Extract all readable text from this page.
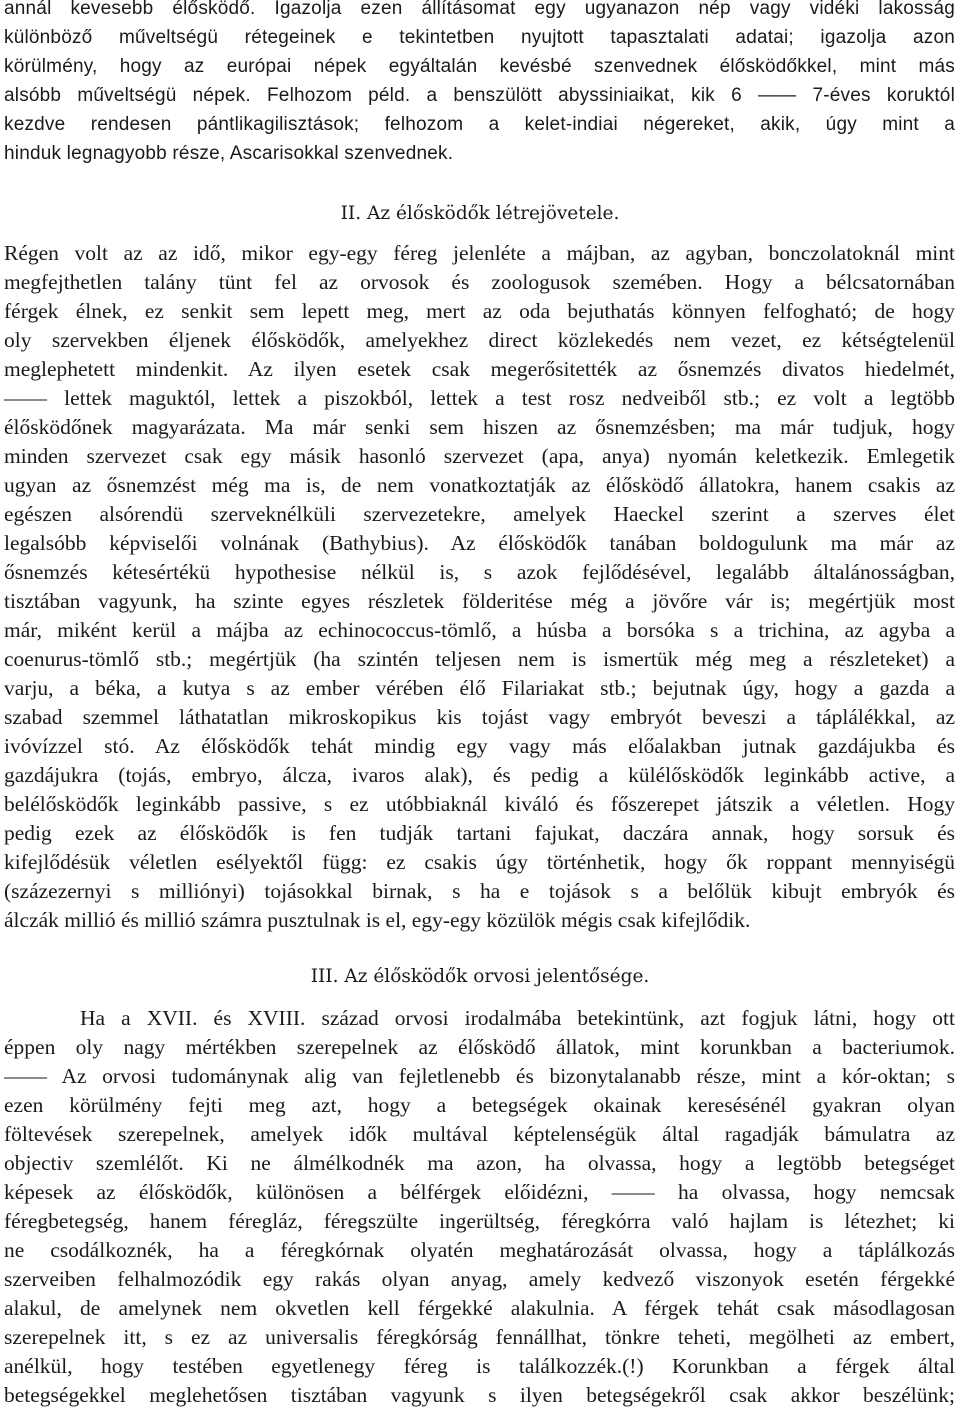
annál kevesebb élősködő. Igazolja ezen állításomat egy ugyanazon nép vagy vidéki lakosság

különböző műveltségü rétegeinek e tekintetben nyujtott tapasztalati adatai; igazolja azon

körülmény, hogy az európai népek egyáltalán kevésbé szenvednek élősködőkkel, mint más

alsóbb műveltségü népek. Felhozom péld. a benszülött abyssiniaikat, kik 6 —— 7-éves koruktól

kezdve rendesen pántlikagilisztások; felhozom a kelet-indiai négereket, akik, úgy mint a

hinduk legnagyobb része, Ascarisokkal szenvednek.

II. Az élősködők létrejövetele.

Régen volt az az idő, mikor egy-egy féreg jelenléte a májban, az agyban, bonczolatoknál mint

megfejthetlen talány tünt fel az orvosok és zoologusok szemében. Hogy a bélcsatornában

férgek élnek, ez senkit sem lepett meg, mert az oda bejuthatás könnyen felfogható; de hogy

oly szervekben éljenek élősködők, amelyekhez direct közlekedés nem vezet, ez kétségtelenül

meglephetett mindenkit. Az ilyen esetek csak megerősitették az ősnemzés divatos hiedelmét,

—— lettek maguktól, lettek a piszokból, lettek a test rosz nedveiből stb.; ez volt a legtöbb

élősködőnek magyarázata. Ma már senki sem hiszen az ősnemzésben; ma már tudjuk, hogy

minden szervezet csak egy másik hasonló szervezet (apa, anya) nyomán keletkezik. Emlegetik

ugyan az ősnemzést még ma is, de nem vonatkoztatják az élősködő állatokra, hanem csakis az

egészen alsórendü szerveknélküli szervezetekre, amelyek Haeckel szerint a szerves élet

legalsóbb képviselői volnának (Bathybius). Az élősködők tanában boldogulunk ma már az

ősnemzés kétesértékü hypothesise nélkül is, s azok fejlődésével, legalább általánosságban,

tisztában vagyunk, ha szinte egyes részletek földeritése még a jövőre vár is; megértjük most

már, miként kerül a májba az echinococcus-tömlő, a húsba a borsóka s a trichina, az agyba a

coenurus-tömlő stb.; megértjük (ha szintén teljesen nem is ismertük még meg a részleteket) a

varju, a béka, a kutya s az ember vérében élő Filariakat stb.; bejutnak úgy, hogy a gazda a

szabad szemmel láthatatlan mikroskopikus kis tojást vagy embryót beveszi a táplálékkal, az

ivóvízzel stó. Az élősködők tehát mindig egy vagy más előalakban jutnak gazdájukba és

gazdájukra (tojás, embryo, álcza, ivaros alak), és pedig a külélősködők leginkább active, a

belélősködők leginkább passive, s ez utóbbiaknál kiváló és főszerepet játszik a véletlen. Hogy

pedig ezek az élősködők is fen tudják tartani fajukat, daczára annak, hogy sorsuk és

kifejlődésük véletlen esélyektől függ: ez csakis úgy történhetik, hogy ők roppant mennyiségü

(százezernyi s milliónyi) tojásokkal birnak, s ha e tojások s a belőlük kibujt embryók és

álczák millió és millió számra pusztulnak is el, egy-egy közülök mégis csak kifejlődik.

III. Az élősködők orvosi jelentősége.

Ha a XVII. és XVIII. század orvosi irodalmába betekintünk, azt fogjuk látni, hogy ott

éppen oly nagy mértékben szerepelnek az élősködő állatok, mint korunkban a bacteriumok.

—— Az orvosi tudománynak alig van fejletlenebb és bizonytalanabb része, mint a kór-oktan; s

ezen körülmény fejti meg azt, hogy a betegségek okainak keresésénél gyakran olyan

föltevések szerepelnek, amelyek idők multával képtelenségük által ragadják bámulatra az

objectiv szemlélőt. Ki ne álmélkodnék ma azon, ha olvassa, hogy a legtöbb betegséget

képesek az élősködők, különösen a bélférgek előidézni, —— ha olvassa, hogy nemcsak

féregbetegség, hanem féregláz, féregszülte ingerültség, féregkórra való hajlam is létezhet; ki

ne csodálkoznék, ha a féregkórnak olyatén meghatározását olvassa, hogy a táplálkozás

szerveiben felhalmozódik egy rakás olyan anyag, amely kedvező viszonyok esetén férgekké

alakul, de amelynek nem okvetlen kell férgekké alakulnia. A férgek tehát csak másodlagosan

szerepelnek itt, s ez az universalis féregkórság fennállhat, tönkre teheti, megölheti az embert,

anélkül, hogy testében egyetlenegy féreg is találkozzék.(!) Korunkban a férgek által

betegségekkel meglehetősen tisztában vagyunk s ilyen betegségekről csak akkor beszélünk;
